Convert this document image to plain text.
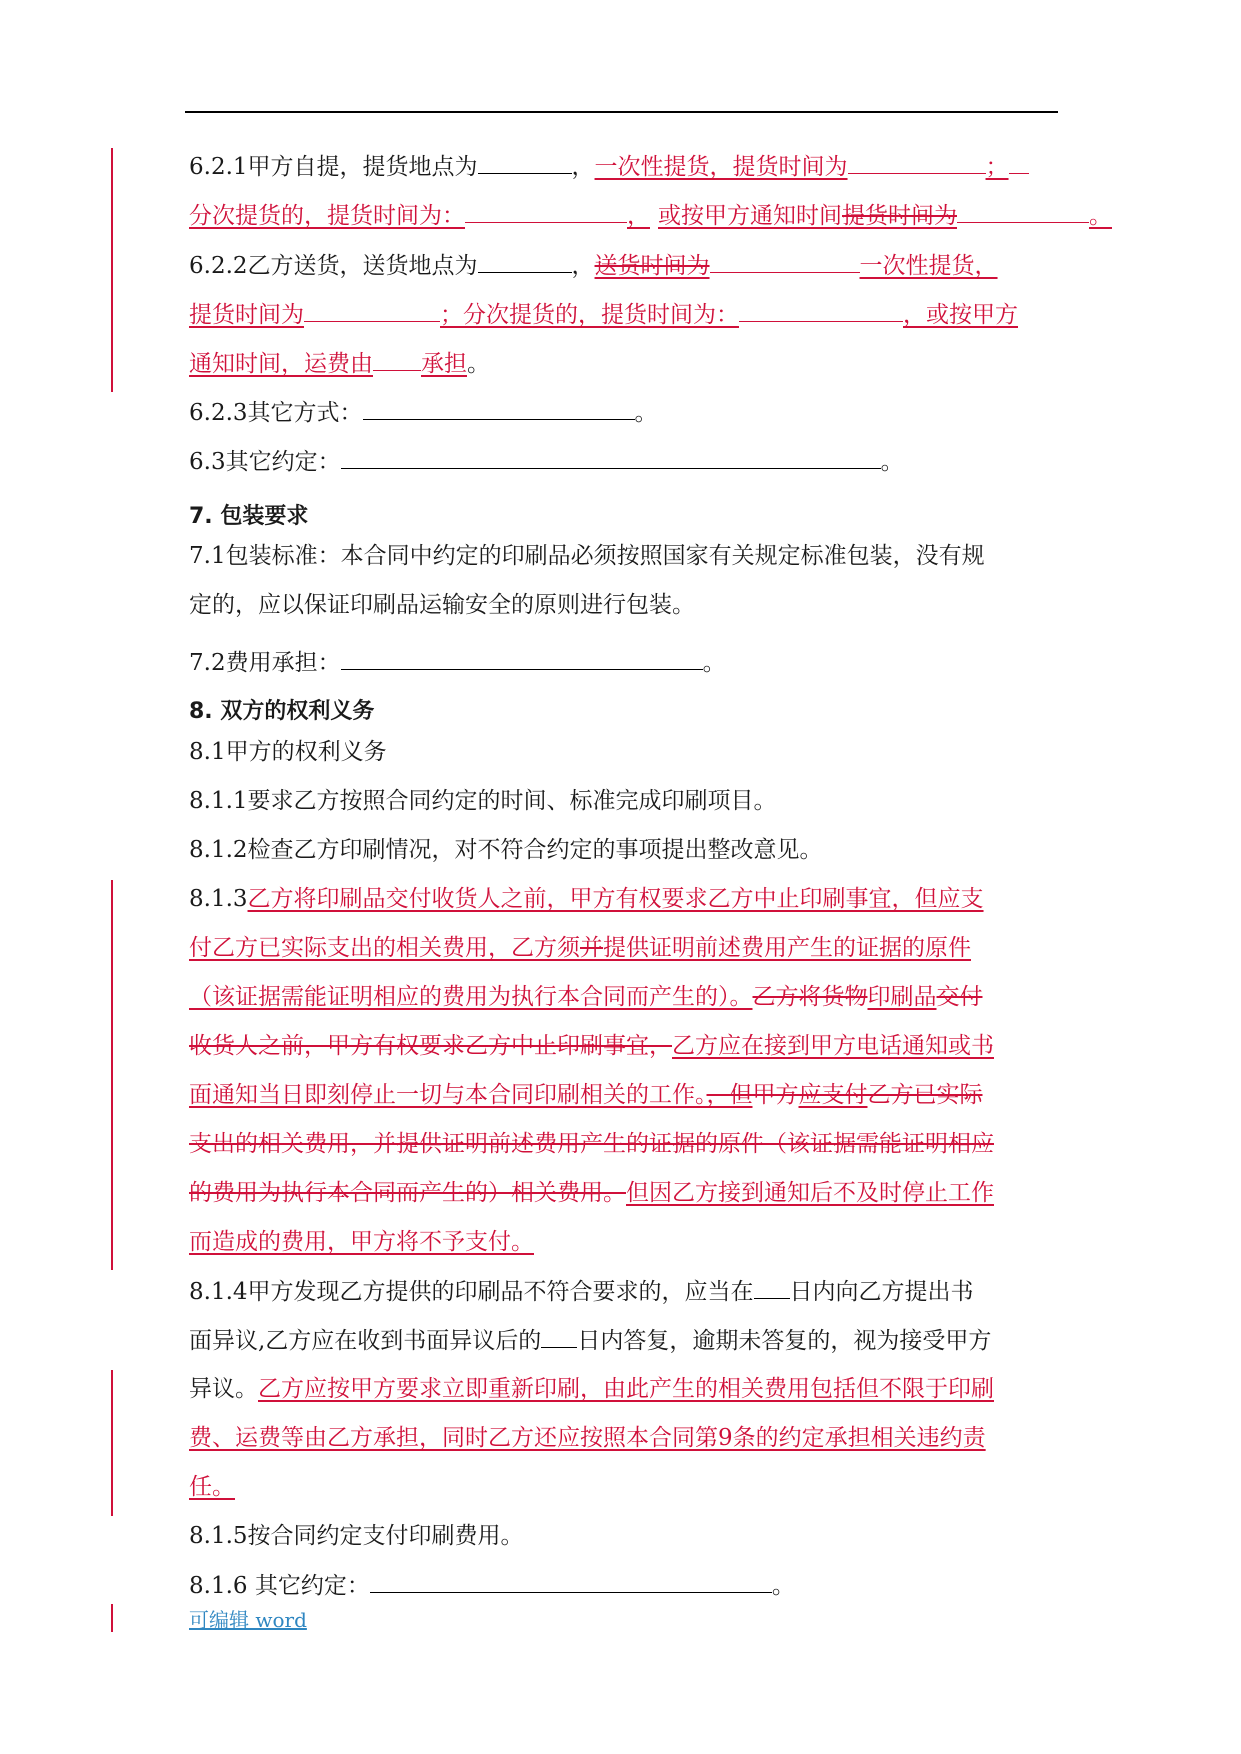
6.2.1甲方自提，提货地点为	，一次性提货，提货时间为	；
分次提货的，提货时间为：	， 或按甲方通知时间提货时间为	。
6.2.2乙方送货，送货地点为	，送货时间为	一次性提货，
提货时间为	；分次提货的，提货时间为：	，或按甲方
通知时间，运费由 承担。
6.2.3其它方式：	。
6.3其它约定：	。
7. 包装要求
7.1包装标准：本合同中约定的印刷品必须按照国家有关规定标准包装，没有规
定的，应以保证印刷品运输安全的原则进行包装。
7.2费用承担：	。
8. 双方的权利义务
8.1甲方的权利义务
8.1.1要求乙方按照合同约定的时间、标准完成印刷项目。
8.1.2检查乙方印刷情况，对不符合约定的事项提出整改意见。
8.1.3乙方将印刷品交付收货人之前，甲方有权要求乙方中止印刷事宜，但应支
付乙方已实际支出的相关费用，乙方须并提供证明前述费用产生的证据的原件
（该证据需能证明相应的费用为执行本合同而产生的）。乙方将货物印刷品交付
收货人之前，甲方有权要求乙方中止印刷事宜，乙方应在接到甲方电话通知或书
面通知当日即刻停止一切与本合同印刷相关的工作。，但甲方应支付乙方已实际
支出的相关费用，并提供证明前述费用产生的证据的原件（该证据需能证明相应
的费用为执行本合同而产生的）相关费用。但因乙方接到通知后不及时停止工作
而造成的费用，甲方将不予支付。
8.1.4甲方发现乙方提供的印刷品不符合要求的，应当在 日内向乙方提出书
面异议,乙方应在收到书面异议后的 日内答复，逾期未答复的，视为接受甲方
异议。乙方应按甲方要求立即重新印刷，由此产生的相关费用包括但不限于印刷
费、运费等由乙方承担，同时乙方还应按照本合同第9条的约定承担相关违约责
任。
8.1.5按合同约定支付印刷费用。
8.1.6 其它约定：	。
可编辑 word
